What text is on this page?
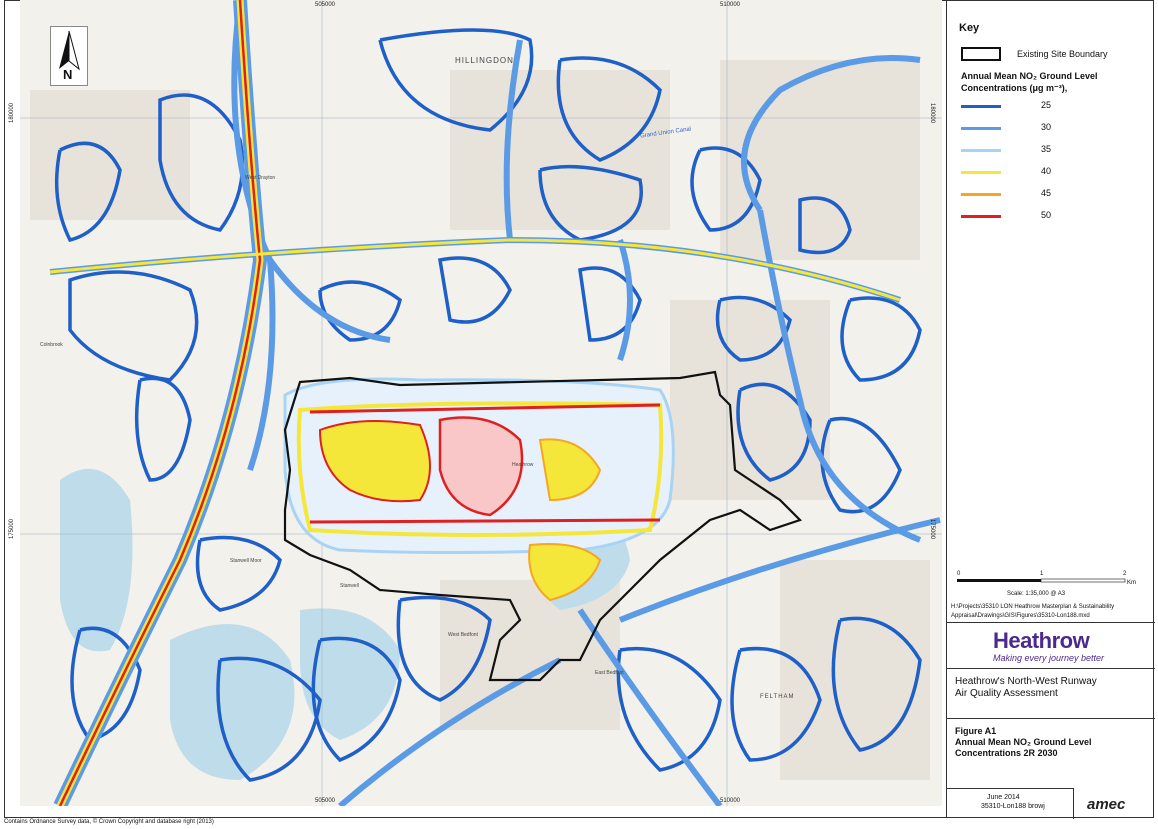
N
505000	510000
505000	510000
180000
175000
180000
175000
HILLINGDON
Grand Union Canal
West Drayton
Colnbrook
Stanwell Moor
Stanwell
West Bedfont
East Bedfont
FELTHAM
Heathrow
Key
Existing Site Boundary
Annual Mean NO₂ Ground Level
Concentrations (μg m⁻³),
25
30
35
40
45
50
0	1	2
Km
Scale: 1:35,000 @ A3
H:\Projects\35310 LON Heathrow Masterplan & Sustainability Appraisal\Drawings\GIS\Figures\35310-Lon188.mxd
Heathrow
Making every journey better
Heathrow's North-West Runway
Air Quality Assessment
Figure A1
Annual Mean NO₂ Ground Level
Concentrations 2R 2030
June 2014
35310-Lon188 browj	amec
Contains Ordnance Survey data, © Crown Copyright and database right (2013)
